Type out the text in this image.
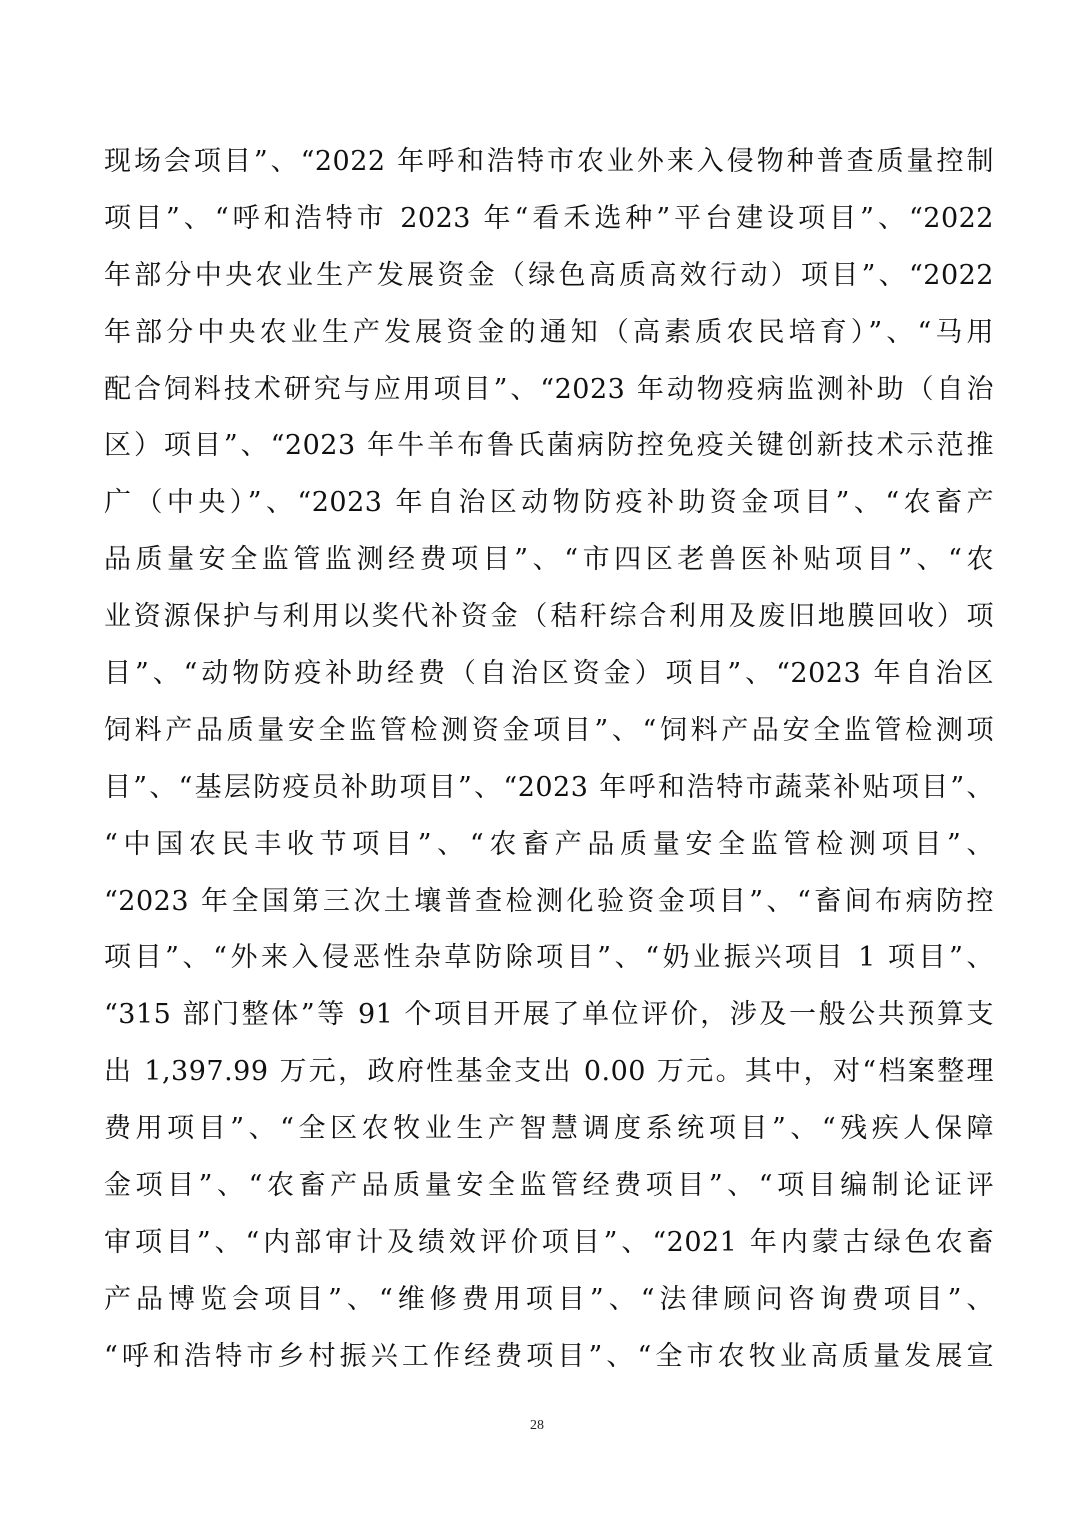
现场会项目”、“2022 年呼和浩特市农业外来入侵物种普查质量控制
项目”、“呼和浩特市 2023 年“看禾选种”平台建设项目”、“2022
年部分中央农业生产发展资金（绿色高质高效行动）项目”、“2022
年部分中央农业生产发展资金的通知（高素质农民培育）”、“马用
配合饲料技术研究与应用项目”、“2023 年动物疫病监测补助（自治
区）项目”、“2023 年牛羊布鲁氏菌病防控免疫关键创新技术示范推
广（中央）”、“2023 年自治区动物防疫补助资金项目”、“农畜产
品质量安全监管监测经费项目”、“市四区老兽医补贴项目”、“农
业资源保护与利用以奖代补资金（秸秆综合利用及废旧地膜回收）项
目”、“动物防疫补助经费（自治区资金）项目”、“2023 年自治区
饲料产品质量安全监管检测资金项目”、“饲料产品安全监管检测项
目”、“基层防疫员补助项目”、“2023 年呼和浩特市蔬菜补贴项目”、
“中国农民丰收节项目”、“农畜产品质量安全监管检测项目”、
“2023 年全国第三次土壤普查检测化验资金项目”、“畜间布病防控
项目”、“外来入侵恶性杂草防除项目”、“奶业振兴项目 1 项目”、
“315 部门整体”等 91 个项目开展了单位评价，涉及一般公共预算支
出 1,397.99 万元，政府性基金支出 0.00 万元。其中，对“档案整理
费用项目”、“全区农牧业生产智慧调度系统项目”、“残疾人保障
金项目”、“农畜产品质量安全监管经费项目”、“项目编制论证评
审项目”、“内部审计及绩效评价项目”、“2021 年内蒙古绿色农畜
产品博览会项目”、“维修费用项目”、“法律顾问咨询费项目”、
“呼和浩特市乡村振兴工作经费项目”、“全市农牧业高质量发展宣
28
